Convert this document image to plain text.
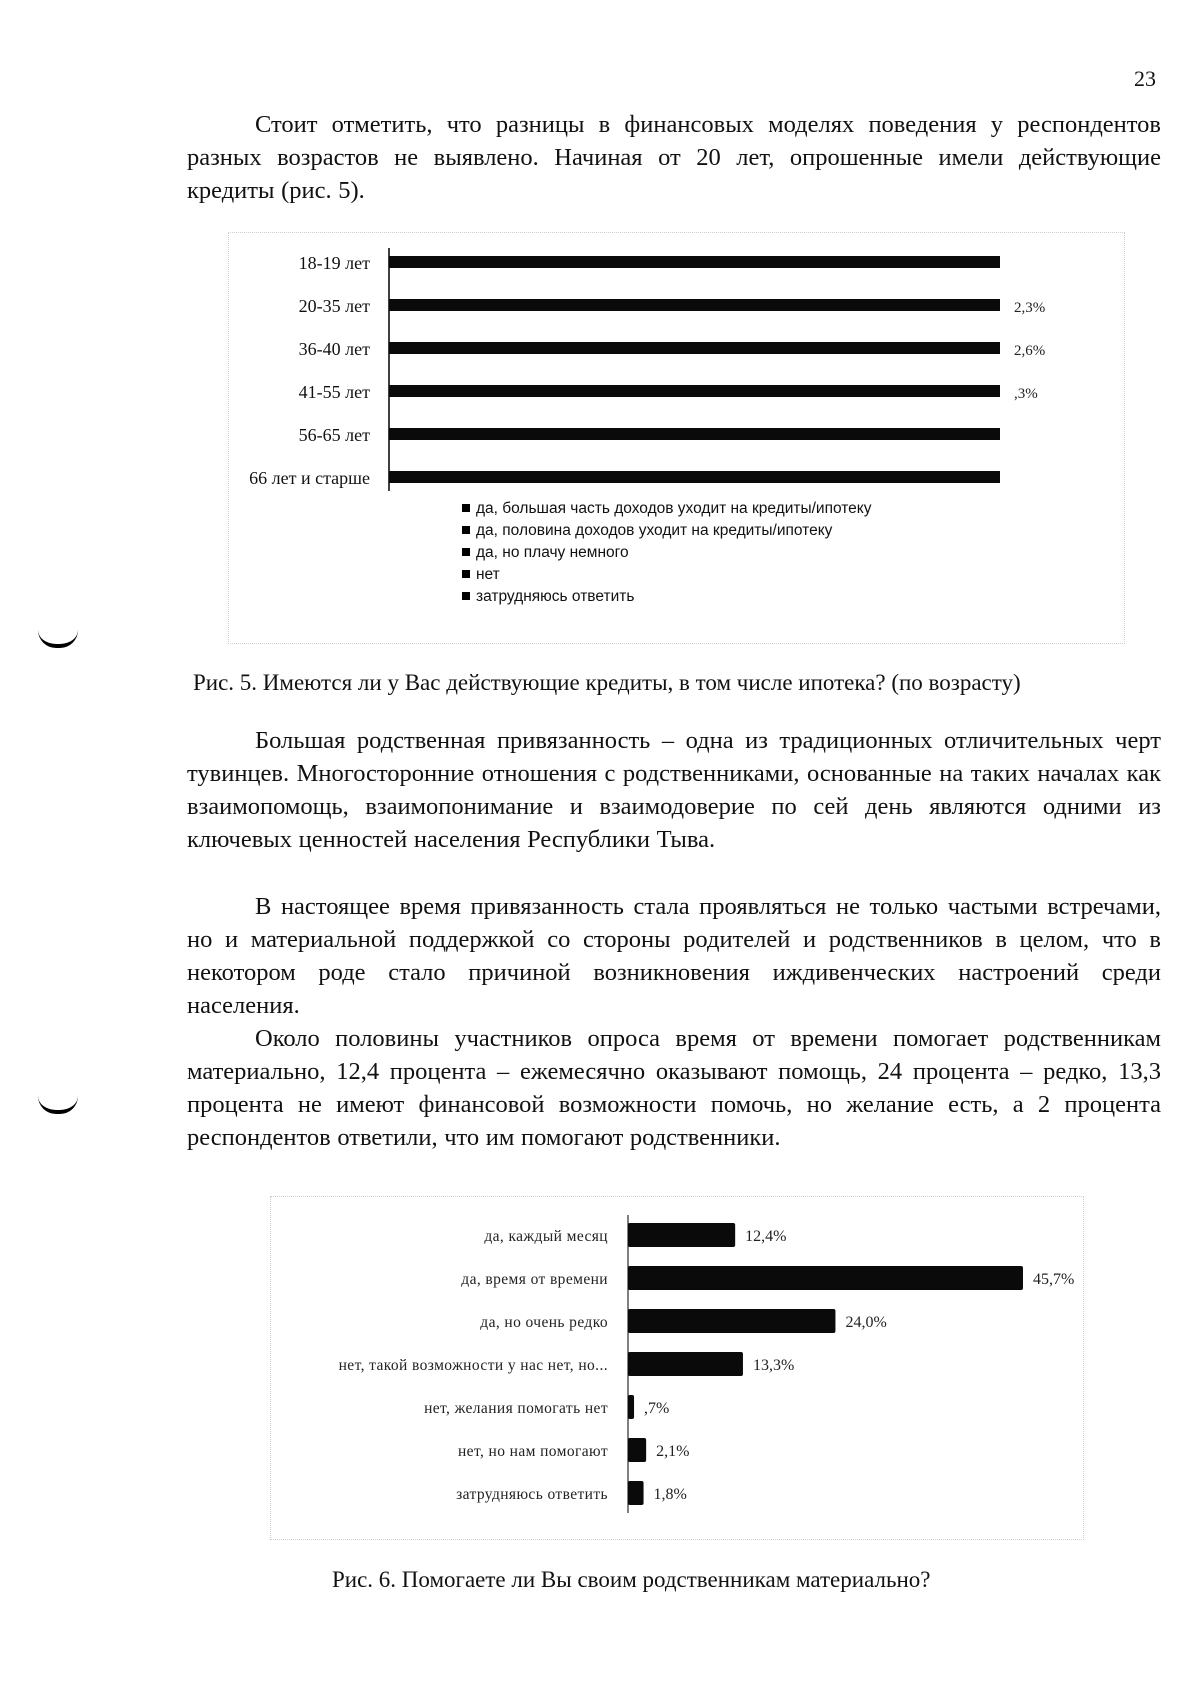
23

Стоит отметить, что разницы в финансовых моделях поведения у респондентов разных возрастов не выявлено. Начиная от 20 лет, опрошенные имели действующие кредиты (рис. 5).

18-19 лет
20-35 лет	2,3%
36-40 лет	2,6%
41-55 лет	,3%
56-65 лет
66 лет и старше
да, большая часть доходов уходит на кредиты/ипотеку
да, половина доходов уходит на кредиты/ипотеку
да, но плачу немного
нет
затрудняюсь ответить
Рис. 5. Имеются ли у Вас действующие кредиты, в том числе ипотека? (по возрасту)

Большая родственная привязанность – одна из традиционных отличительных черт тувинцев. Многосторонние отношения с родственниками, основанные на таких началах как взаимопомощь, взаимопонимание и взаимодоверие по сей день являются одними из ключевых ценностей населения Республики Тыва.

В настоящее время привязанность стала проявляться не только частыми встречами, но и материальной поддержкой со стороны родителей и родственников в целом, что в некотором роде стало причиной возникновения иждивенческих настроений среди населения.

Около половины участников опроса время от времени помогает родственникам материально, 12,4 процента – ежемесячно оказывают помощь, 24 процента – редко, 13,3 процента не имеют финансовой возможности помочь, но желание есть, а 2 процента респондентов ответили, что им помогают родственники.

да, каждый месяц	12,4%
да, время от времени	45,7%
да, но очень редко	24,0%
нет, такой возможности у нас нет, но...	13,3%
нет, желания помогать нет ,7%
нет, но нам помогают	2,1%
затрудняюсь ответить	1,8%
Рис. 6. Помогаете ли Вы своим родственникам материально?
